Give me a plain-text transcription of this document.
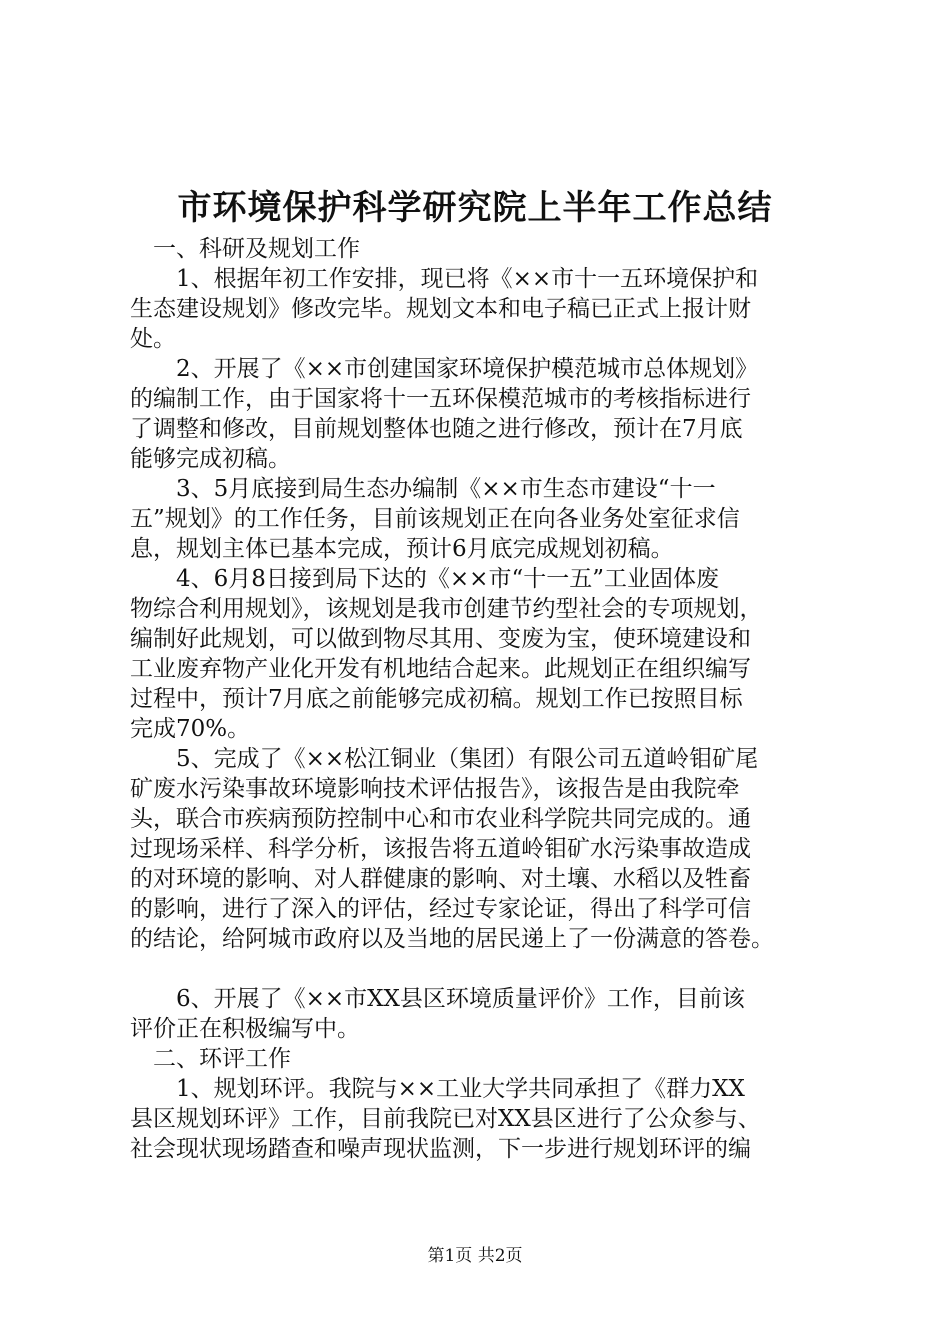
市环境保护科学研究院上半年工作总结
　一、科研及规划工作
　　1、根据年初工作安排，现已将《××市十一五环境保护和
生态建设规划》修改完毕。规划文本和电子稿已正式上报计财
处。
　　2、开展了《××市创建国家环境保护模范城市总体规划》
的编制工作，由于国家将十一五环保模范城市的考核指标进行
了调整和修改，目前规划整体也随之进行修改，预计在7月底
能够完成初稿。
　　3、5月底接到局生态办编制《××市生态市建设“十一
五”规划》的工作任务，目前该规划正在向各业务处室征求信
息，规划主体已基本完成，预计6月底完成规划初稿。
　　4、6月8日接到局下达的《××市“十一五”工业固体废
物综合利用规划》，该规划是我市创建节约型社会的专项规划，
编制好此规划，可以做到物尽其用、变废为宝，使环境建设和
工业废弃物产业化开发有机地结合起来。此规划正在组织编写
过程中，预计7月底之前能够完成初稿。规划工作已按照目标
完成70%。
　　5、完成了《××松江铜业（集团）有限公司五道岭钼矿尾
矿废水污染事故环境影响技术评估报告》，该报告是由我院牵
头，联合市疾病预防控制中心和市农业科学院共同完成的。通
过现场采样、科学分析，该报告将五道岭钼矿水污染事故造成
的对环境的影响、对人群健康的影响、对土壤、水稻以及牲畜
的影响，进行了深入的评估，经过专家论证，得出了科学可信
的结论，给阿城市政府以及当地的居民递上了一份满意的答卷。
　　6、开展了《××市XX县区环境质量评价》工作，目前该
评价正在积极编写中。
　二、环评工作
　　1、规划环评。我院与××工业大学共同承担了《群力XX
县区规划环评》工作，目前我院已对XX县区进行了公众参与、
社会现状现场踏查和噪声现状监测，下一步进行规划环评的编
第1页 共2页
